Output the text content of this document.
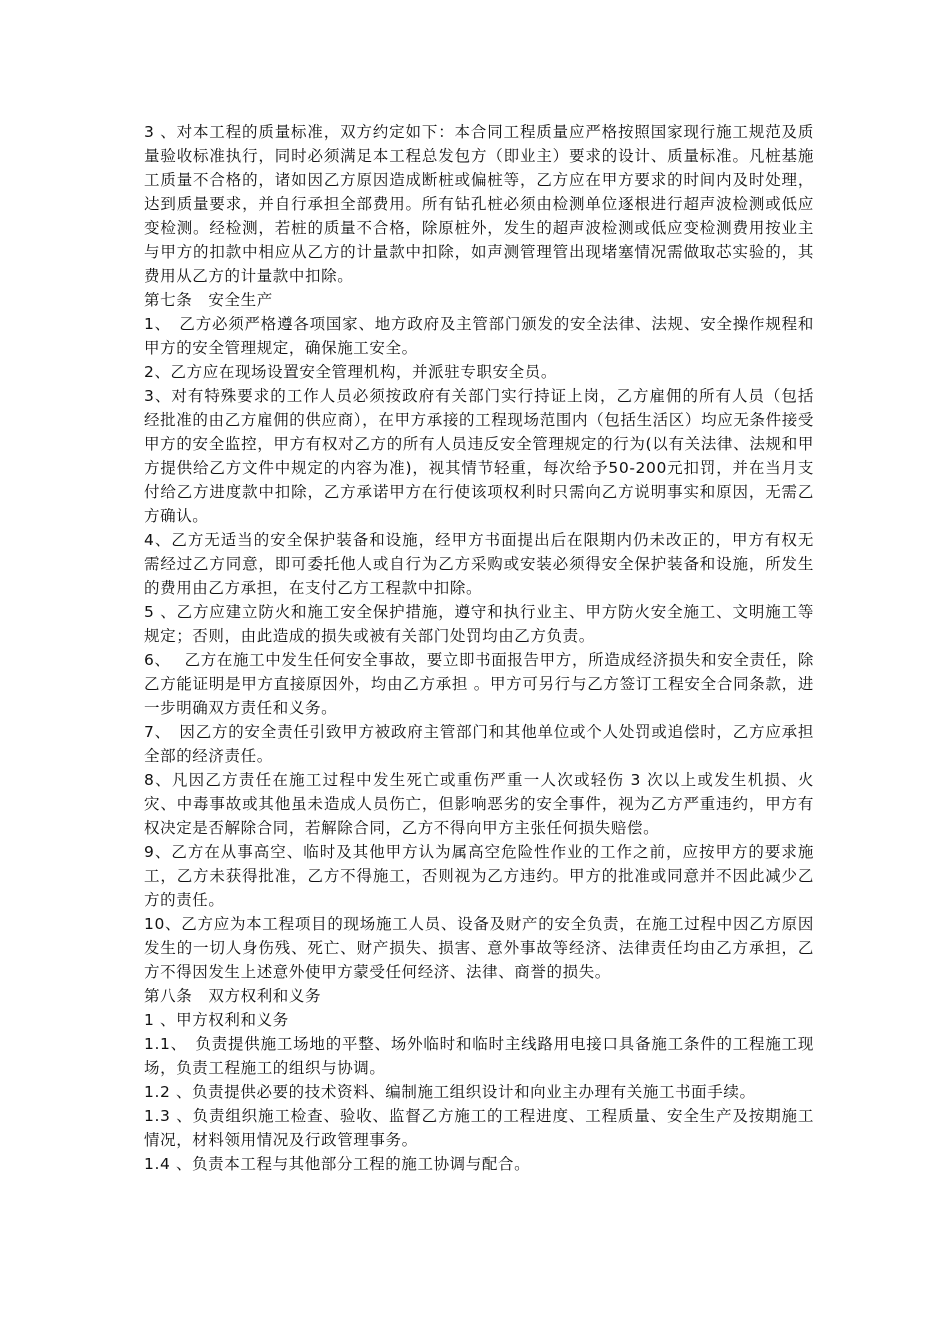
3 、对本工程的质量标准，双方约定如下：本合同工程质量应严格按照国家现行施工规范及质量验收标准执行，同时必须满足本工程总发包方（即业主）要求的设计、质量标准。凡桩基施工质量不合格的，诸如因乙方原因造成断桩或偏桩等，乙方应在甲方要求的时间内及时处理，达到质量要求，并自行承担全部费用。所有钻孔桩必须由检测单位逐根进行超声波检测或低应变检测。经检测，若桩的质量不合格，除原桩外，发生的超声波检测或低应变检测费用按业主与甲方的扣款中相应从乙方的计量款中扣除，如声测管理管出现堵塞情况需做取芯实验的，其费用从乙方的计量款中扣除。

第七条　安全生产

1、　乙方必须严格遵各项国家、地方政府及主管部门颁发的安全法律、法规、安全操作规程和甲方的安全管理规定，确保施工安全。

2、乙方应在现场设置安全管理机构，并派驻专职安全员。

3、对有特殊要求的工作人员必须按政府有关部门实行持证上岗，乙方雇佣的所有人员（包括经批准的由乙方雇佣的供应商），在甲方承接的工程现场范围内（包括生活区）均应无条件接受甲方的安全监控，甲方有权对乙方的所有人员违反安全管理规定的行为(以有关法律、法规和甲方提供给乙方文件中规定的内容为准)，视其情节轻重，每次给予50-200元扣罚，并在当月支付给乙方进度款中扣除，乙方承诺甲方在行使该项权利时只需向乙方说明事实和原因，无需乙方确认。

4、乙方无适当的安全保护装备和设施，经甲方书面提出后在限期内仍未改正的，甲方有权无需经过乙方同意，即可委托他人或自行为乙方采购或安装必须得安全保护装备和设施，所发生的费用由乙方承担，在支付乙方工程款中扣除。

5 、乙方应建立防火和施工安全保护措施，遵守和执行业主、甲方防火安全施工、文明施工等规定；否则，由此造成的损失或被有关部门处罚均由乙方负责。

6、　 乙方在施工中发生任何安全事故，要立即书面报告甲方，所造成经济损失和安全责任，除乙方能证明是甲方直接原因外，均由乙方承担 。甲方可另行与乙方签订工程安全合同条款，进一步明确双方责任和义务。

7、　因乙方的安全责任引致甲方被政府主管部门和其他单位或个人处罚或追偿时，乙方应承担全部的经济责任。

8、凡因乙方责任在施工过程中发生死亡或重伤严重一人次或轻伤 3 次以上或发生机损、火灾、中毒事故或其他虽未造成人员伤亡，但影响恶劣的安全事件，视为乙方严重违约，甲方有权决定是否解除合同，若解除合同，乙方不得向甲方主张任何损失赔偿。

9、乙方在从事高空、临时及其他甲方认为属高空危险性作业的工作之前，应按甲方的要求施工，乙方未获得批准，乙方不得施工，否则视为乙方违约。甲方的批准或同意并不因此减少乙方的责任。

10、乙方应为本工程项目的现场施工人员、设备及财产的安全负责，在施工过程中因乙方原因发生的一切人身伤残、死亡、财产损失、损害、意外事故等经济、法律责任均由乙方承担，乙方不得因发生上述意外使甲方蒙受任何经济、法律、商誉的损失。

第八条　双方权利和义务

1 、甲方权利和义务

1.1、　负责提供施工场地的平整、场外临时和临时主线路用电接口具备施工条件的工程施工现场，负责工程施工的组织与协调。

1.2 、负责提供必要的技术资料、编制施工组织设计和向业主办理有关施工书面手续。

1.3 、负责组织施工检查、验收、监督乙方施工的工程进度、工程质量、安全生产及按期施工情况，材料领用情况及行政管理事务。

1.4 、负责本工程与其他部分工程的施工协调与配合。
